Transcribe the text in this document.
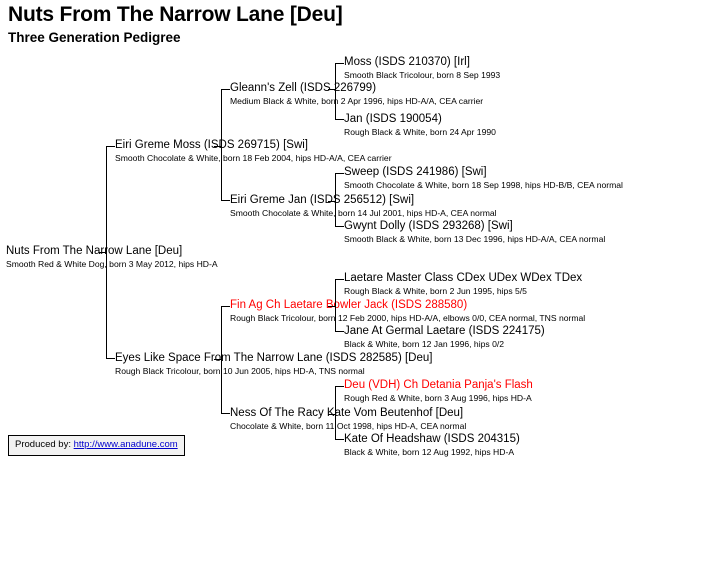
Nuts From The Narrow Lane [Deu]
Three Generation Pedigree
Moss (ISDS 210370) [Irl]
Smooth Black Tricolour, born 8 Sep 1993
Jan (ISDS 190054)
Rough Black & White, born 24 Apr 1990
Sweep (ISDS 241986) [Swi]
Smooth Chocolate & White, born 18 Sep 1998, hips HD-B/B, CEA normal
Gwynt Dolly (ISDS 293268) [Swi]
Smooth Black & White, born 13 Dec 1996, hips HD-A/A, CEA normal
Laetare Master Class CDex UDex WDex TDex
Rough Black & White, born 2 Jun 1995, hips 5/5
Jane At Germal Laetare (ISDS 224175)
Black & White, born 12 Jan 1996, hips 0/2
Deu (VDH) Ch Detania Panja's Flash
Rough Red & White, born 3 Aug 1996, hips HD-A
Kate Of Headshaw (ISDS 204315)
Black & White, born 12 Aug 1992, hips HD-A
Gleann's Zell (ISDS 226799)
Medium Black & White, born 2 Apr 1996, hips HD-A/A, CEA carrier
Eiri Greme Jan (ISDS 256512) [Swi]
Smooth Chocolate & White, born 14 Jul 2001, hips HD-A, CEA normal
Fin Ag Ch Laetare Bowler Jack (ISDS 288580)
Rough Black Tricolour, born 12 Feb 2000, hips HD-A/A, elbows 0/0, CEA normal, TNS normal
Ness Of The Racy Kate Vom Beutenhof [Deu]
Chocolate & White, born 11 Oct 1998, hips HD-A, CEA normal
Eiri Greme Moss (ISDS 269715) [Swi]
Smooth Chocolate & White, born 18 Feb 2004, hips HD-A/A, CEA carrier
Eyes Like Space From The Narrow Lane (ISDS 282585) [Deu]
Rough Black Tricolour, born 10 Jun 2005, hips HD-A, TNS normal
Nuts From The Narrow Lane [Deu]
Smooth Red & White Dog, born 3 May 2012, hips HD-A
Produced by: http://www.anadune.com
